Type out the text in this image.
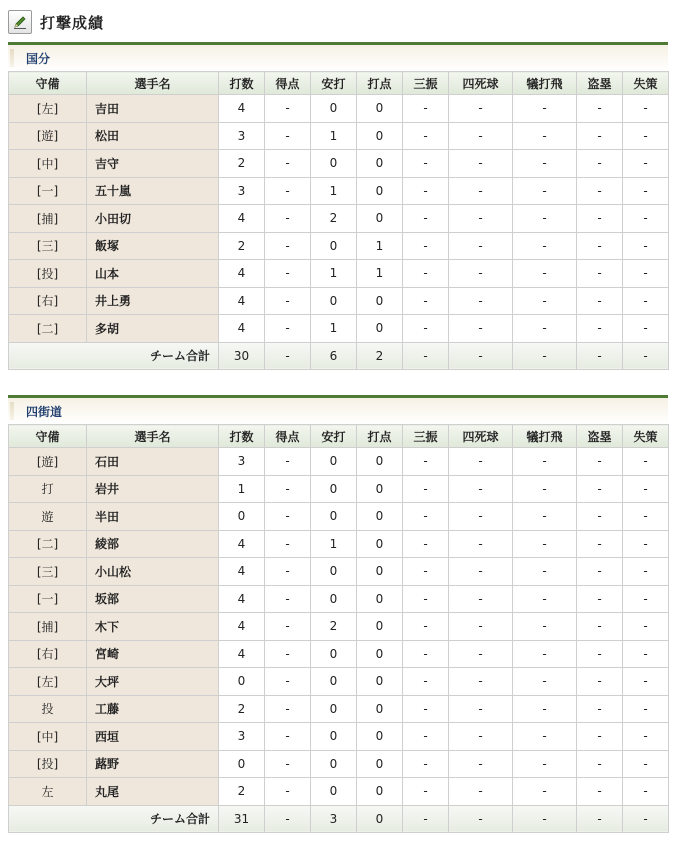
打撃成績
国分
守備	選手名	打数	得点	安打	打点	三振	四死球	犠打飛	盗塁	失策
[左]	吉田	4	-	0	0	-	-	-	-	-
[遊]	松田	3	-	1	0	-	-	-	-	-
[中]	吉守	2	-	0	0	-	-	-	-	-
[一]	五十嵐	3	-	1	0	-	-	-	-	-
[捕]	小田切	4	-	2	0	-	-	-	-	-
[三]	飯塚	2	-	0	1	-	-	-	-	-
[投]	山本	4	-	1	1	-	-	-	-	-
[右]	井上勇	4	-	0	0	-	-	-	-	-
[二]	多胡	4	-	1	0	-	-	-	-	-
チーム合計		30	-	6	2	-	-	-	-	-
四街道
守備	選手名	打数	得点	安打	打点	三振	四死球	犠打飛	盗塁	失策
[遊]	石田	3	-	0	0	-	-	-	-	-
打	岩井	1	-	0	0	-	-	-	-	-
遊	半田	0	-	0	0	-	-	-	-	-
[二]	綾部	4	-	1	0	-	-	-	-	-
[三]	小山松	4	-	0	0	-	-	-	-	-
[一]	坂部	4	-	0	0	-	-	-	-	-
[捕]	木下	4	-	2	0	-	-	-	-	-
[右]	宮崎	4	-	0	0	-	-	-	-	-
[左]	大坪	0	-	0	0	-	-	-	-	-
投	工藤	2	-	0	0	-	-	-	-	-
[中]	西垣	3	-	0	0	-	-	-	-	-
[投]	蕗野	0	-	0	0	-	-	-	-	-
左	丸尾	2	-	0	0	-	-	-	-	-
チーム合計		31	-	3	0	-	-	-	-	-
